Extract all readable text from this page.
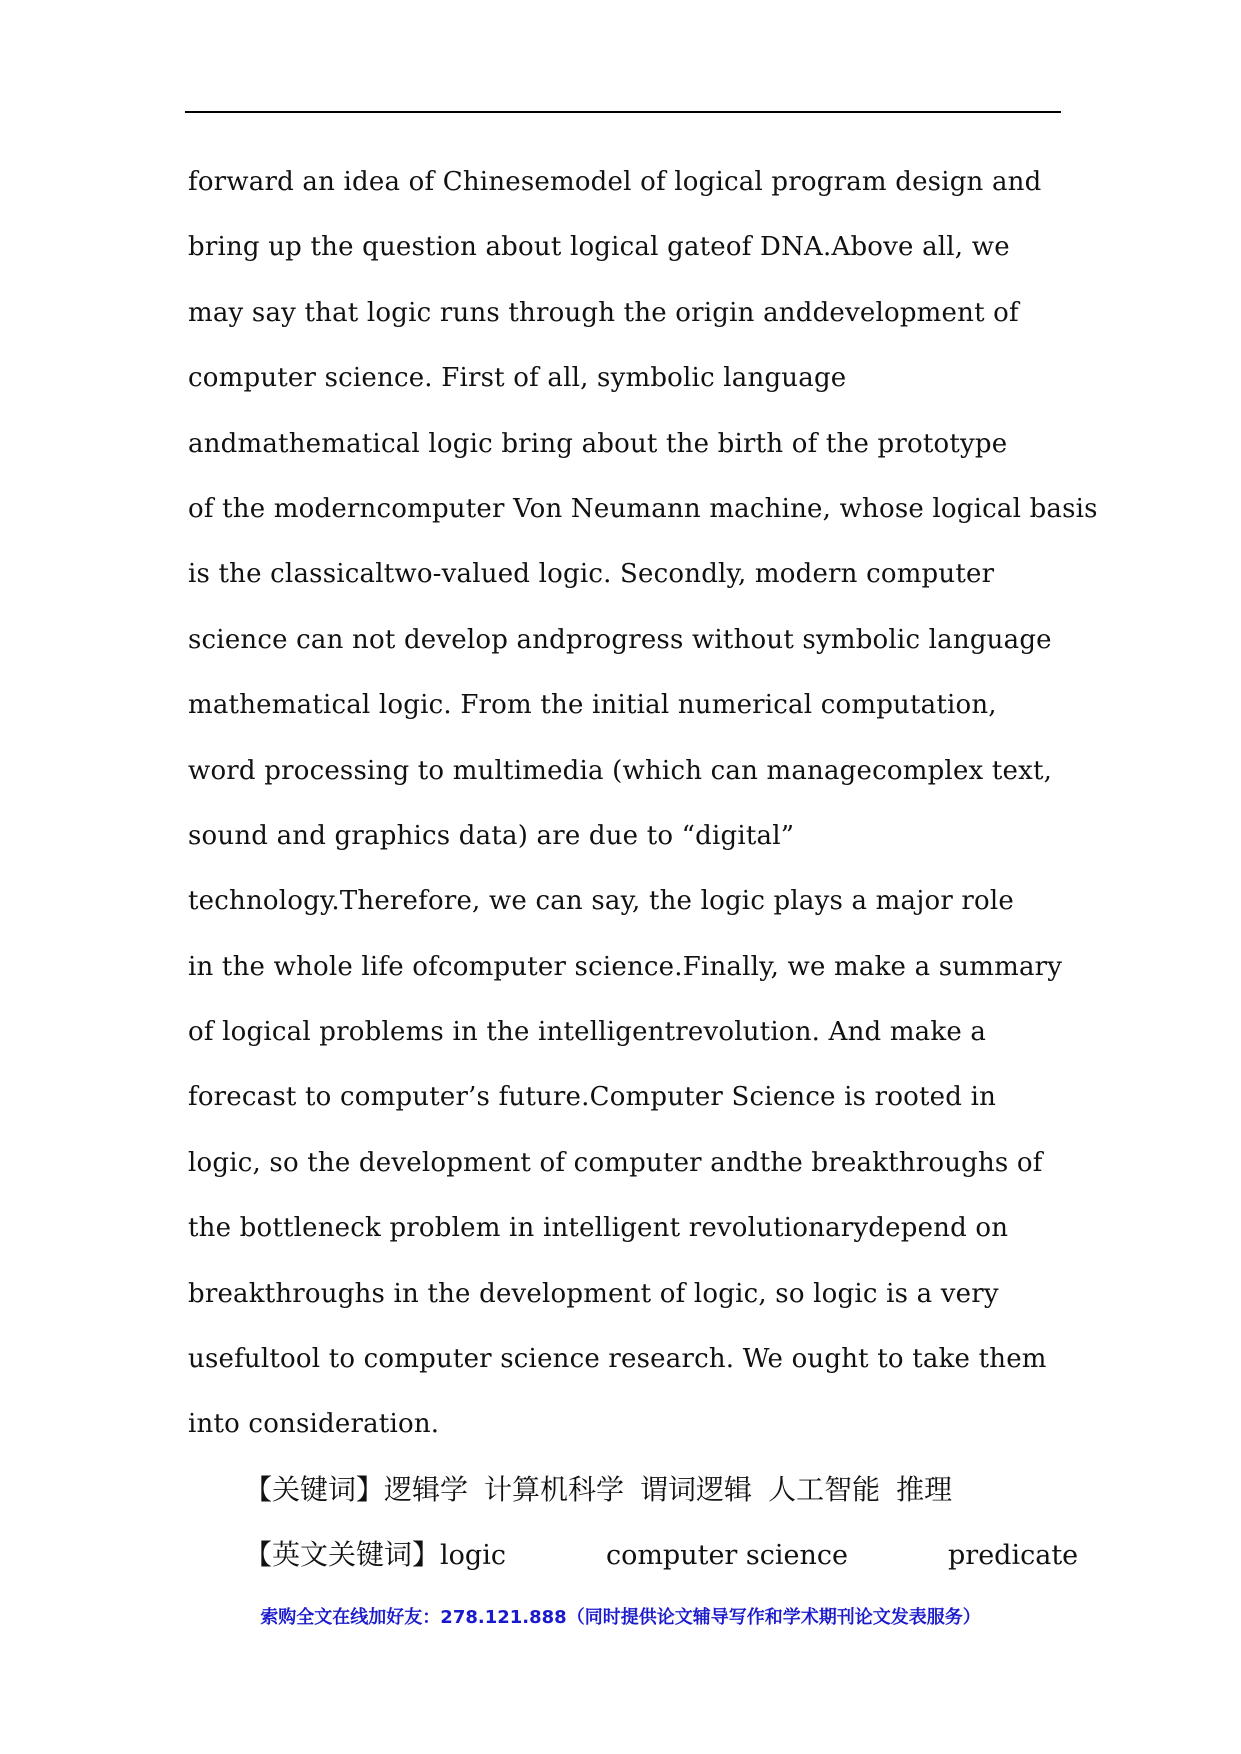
forward an idea of Chinesemodel of logical program design and
bring up the question about logical gateof DNA.Above all, we
may say that logic runs through the origin anddevelopment of
computer science. First of all, symbolic language
andmathematical logic bring about the birth of the prototype
of the moderncomputer Von Neumann machine, whose logical basis
is the classicaltwo-valued logic. Secondly, modern computer
science can not develop andprogress without symbolic language
mathematical logic. From the initial numerical computation,
word processing to multimedia (which can managecomplex text,
sound and graphics data) are due to “digital”
technology.Therefore, we can say, the logic plays a major role
in the whole life ofcomputer science.Finally, we make a summary
of logical problems in the intelligentrevolution. And make a
forecast to computer’s future.Computer Science is rooted in
logic, so the development of computer andthe breakthroughs of
the bottleneck problem in intelligent revolutionarydepend on
breakthroughs in the development of logic, so logic is a very
usefultool to computer science research. We ought to take them
into consideration.
【关键词】逻辑学 计算机科学 谓词逻辑 人工智能 推理
【英文关键词】logic	computer science	predicate
索购全文在线加好友：278.121.888（同时提供论文辅导写作和学术期刊论文发表服务）
